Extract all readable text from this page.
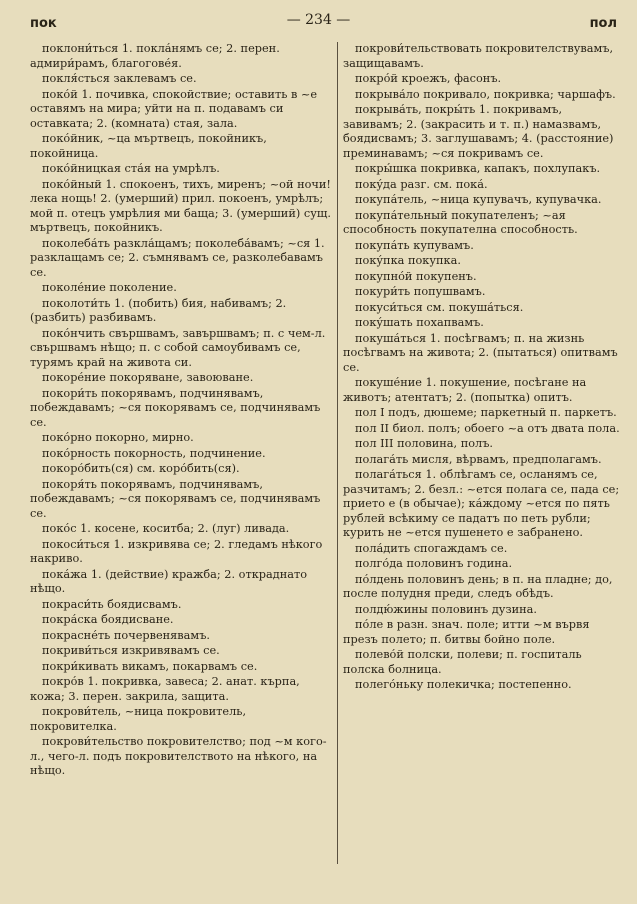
пок	— 234 —	пол

поклони́ться 1. покла́нямъ се; 2. перен. адмири́рамъ, благогове́я.

покля́сться заклевамъ се.

поко́й 1. почивка, спокойствие; оставить в ~е оставямъ на мира; уйти на п. подавамъ си оставката; 2. (комната) стая, зала.

поко́йник, ~ца мъртвецъ, покойникъ, покойница.

поко́йницкая ста́я на умрѣлъ.

поко́йный 1. спокоенъ, тихъ, миренъ; ~ой ночи! лека нощь! 2. (умерший) прил. покоенъ, умрѣлъ; мой п. отецъ умрѣлия ми баща; 3. (умерший) сущ. мъртвецъ, покойникъ.

поколеба́ть разкла́щамъ; поколеба́вамъ; ~ся 1. разклащамъ се; 2. съмнявамъ се, разколебавамъ се.

поколе́ние поколение.

поколоти́ть 1. (побить) бия, набивамъ; 2. (разбить) разбивамъ.

поко́нчить свършвамъ, завършвамъ; п. с чем-л. свършвамъ нѣщо; п. с собой самоубивамъ се, турямъ край на живота си.

покоре́ние покоряване, завоюване.

покори́ть покорявамъ, подчинявамъ, побеждавамъ; ~ся покорявамъ се, подчинявамъ се.

поко́рно покорно, мирно.

поко́рность покорность, подчинение.

покоро́бить(ся) см. коро́бить(ся).

покоря́ть покорявамъ, подчинявамъ, побеждавамъ; ~ся покорявамъ се, подчинявамъ се.

поко́с 1. косене, коситба; 2. (луг) ливада.

покоси́ться 1. изкривява се; 2. гледамъ нѣкого накриво.

пока́жа 1. (действие) кражба; 2. откраднато нѣщо.

покраси́ть боядисвамъ.

покра́ска боядисване.

покрасне́ть почервенявамъ.

покриви́ться изкривявамъ се.

покри́кивать викамъ, покарвамъ се.

покро́в 1. покривка, завеса; 2. анат. кърпа, кожа; 3. перен. закрила, защита.

покрови́тель, ~ница покровитель, покровителка.

покрови́тельство покровителство; под ~м кого-л., чего-л. подъ покровителството на нѣкого, на нѣщо.

покрови́тельствовать покровителствувамъ, защищавамъ.

покро́й кроежъ, фасонъ.

покрыва́ло покривало, покривка; чаршафъ.

покрыва́ть, покры́ть 1. покривамъ, завивамъ; 2. (закрасить и т. п.) намазвамъ, боядисвамъ; 3. заглушавамъ; 4. (расстояние) преминавамъ; ~ся покривамъ се.

покры́шка покривка, капакъ, похлупакъ.

поку́да разг. см. пока́.

покупа́тель, ~ница купувачъ, купувачка.

покупа́тельный покупателенъ; ~ая способность покупателна способность.

покупа́ть купувамъ.

поку́пка покупка.

покупно́й покупенъ.

покури́ть попушвамъ.

покуси́ться см. покуша́ться.

поку́шать похапвамъ.

покуша́ться 1. посѣгвамъ; п. на жизнь посѣгвамъ на живота; 2. (пытаться) опитвамъ се.

покуше́ние 1. покушение, посѣгане на животъ; атентатъ; 2. (попытка) опитъ.

пол I подъ, дюшеме; паркетный п. паркетъ.

пол II биол. полъ; обоего ~а отъ двата пола.

пол III половина, полъ.

полага́ть мисля, вѣрвамъ, предполагамъ.

полага́ться 1. облѣгамъ се, осланямъ се, разчитамъ; 2. безл.: ~ется полага се, пада се; прието е (в обычае); ка́ждому ~ется по пять рублей всѣкиму се падатъ по петь рубли; курить не ~ется пушенето е забранено.

пола́дить спогаждамъ се.

полго́да половинъ година.

по́лдень половинъ день; в п. на пладне; до, после полудня преди, следъ обѣдъ.

полдю́жины половинъ дузина.

по́ле в разн. знач. поле; итти ~м вървя презъ полето; п. битвы бойно поле.

полево́й полски, полеви; п. госпиталь полска болница.

полего́ньку полекичка; постепенно.
